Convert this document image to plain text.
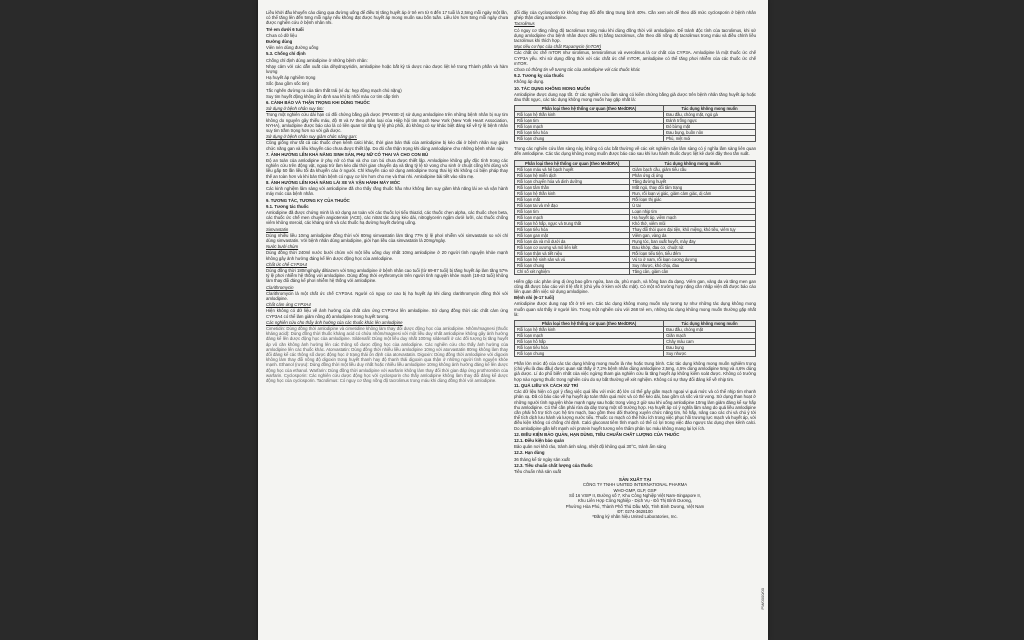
Liều khởi đầu khuyến cáo dùng qua đường uống để điều trị tăng huyết áp ở trẻ em từ 6 đến 17 tuổi là 2,5mg mỗi ngày một lần, có thể tăng lên đến 5mg mỗi ngày nếu không đạt được huyết áp mong muốn sau bốn tuần. Liều lớn hơn 5mg mỗi ngày chưa được nghiên cứu ở bệnh nhân nhi.

Trẻ em dưới 6 tuổi

Chưa có dữ liệu

Đường dùng

Viên nén dùng đường uống

5.3. Chống chỉ định

Chống chỉ định dùng amlodipine ở những bệnh nhân:

Nhạy cảm với các dẫn xuất của dihydropyridin, amlodipine hoặc bất kỳ tá dược nào được liệt kê trong Thành phần và hàm lượng

Hạ huyết áp nghiêm trọng

Sốc (bao gồm sốc tim)

Tắc nghẽn đường ra của tâm thất trái (ví dụ: hẹp động mạch chủ nặng)

Suy tim huyết động không ổn định sau khi bị nhồi máu cơ tim cấp tính

6. CẢNH BÁO VÀ THẬN TRỌNG KHI DÙNG THUỐC

Sử dụng ở bệnh nhân suy tim:

Trong một nghiên cứu dài hạn có đối chứng bằng giả dược (PRAISE-2) sử dụng amlodipine trên những bệnh nhân bị suy tim không do nguyên gây thiếu máu, độ III và IV theo phân loại của Hiệp hội tim mạch New York (New York Heart Association, NYHA), amlodipine được báo cáo là có liên quan tới tăng tỷ lệ phù phổi, dù không có sự khác biệt đáng kể về tỷ lệ bệnh nhân suy tim trầm trọng hơn so với giả dược.

Sử dụng ở bệnh nhân suy giảm chức năng gan:

Cũng giống như tất cả các thuốc chẹn kênh calci khác, thời gian bán thải của amlodipine bị kéo dài ở bệnh nhân suy giảm chức năng gan và liều khuyến cáo chưa được thiết lập. Do đó cần thận trọng khi dùng amlodipine cho những bệnh nhân này.

7. ẢNH HƯỞNG LÊN KHẢ NĂNG SINH SẢN, PHỤ NỮ CÓ THAI VÀ CHO CON BÚ

Độ an toàn của amlodipine ở phụ nữ có thai và cho con bú chưa được thiết lập. Amlodipine không gây độc tính trong các nghiên cứu trên động vật, ngoại trừ làm kéo dài thời gian chuyển dạ và tăng tỷ lệ tử vong chu sinh ở chuột cống khi dùng với liều gấp 50 lần liều tối đa khuyến cáo ở người. Chỉ khuyến cáo sử dụng amlodipine trong thai kỳ khi không có biện pháp thay thế an toàn hơn và khi bản thân bệnh có nguy cơ lớn hơn cho mẹ và thai nhi. Amlodipine bài tiết vào sữa mẹ.

8. ẢNH HƯỞNG LÊN KHẢ NĂNG LÁI XE VÀ VẬN HÀNH MÁY MÓC

Các kinh nghiệm lâm sàng với amlodipine đã cho thấy rằng thuốc hầu như không làm suy giảm khả năng lái xe và vận hành máy móc của bệnh nhân.

9. TƯƠNG TÁC, TƯƠNG KỴ CỦA THUỐC

9.1. Tương tác thuốc

Amlodipine đã được chứng minh là sử dụng an toàn với các thuốc lợi tiểu thiazid, các thuốc chẹn alpha, các thuốc chẹn beta, các thuốc ức chế men chuyển angiotensin (ACE), các nitrat tác dụng kéo dài, nitroglycerin ngậm dưới lưỡi, các thuốc chống viêm không steroid, các kháng sinh và các thuốc hạ đường huyết đường uống.

Simvastatin

Dùng nhiều liều 10mg amlodipine đồng thời với 80mg simvastatin làm tăng 77% tỷ lệ phơi nhiễm với simvastatin so với chỉ dùng simvastatin. Với bệnh nhân dùng amlodipine, giới hạn liều của simvastatin là 20mg/ngày.

Nước bưởi chùm

Dùng đồng thời 240ml nước bưởi chùm với một liều uống duy nhất 10mg amlodipine ở 20 người tình nguyện khỏe mạnh không gây ảnh hưởng đáng kể lên dược động học của amlodipine.

Chất ức chế CYP3A4

Dùng đồng thời 180mg/ngày diltiazem với 5mg amlodipine ở bệnh nhân cao tuổi (từ 69-87 tuổi) bị tăng huyết áp làm tăng 57% tỷ lệ phơi nhiễm hệ thống với amlodipine. Dùng đồng thời erythromycin trên người tình nguyện khỏe mạnh (18-43 tuổi) không làm thay đổi đáng kể phơi nhiễm hệ thống với amlodipine.

Clarithromycin

Clarithromycin là một chất ức chế CYP3A4. Người có nguy cơ cao bị hạ huyết áp khi dùng clarithromycin đồng thời với amlodipine.

Chất cảm ứng CYP3A4

Hiện không có dữ liệu về ảnh hưởng của chất cảm ứng CYP3A4 lên amlodipine. Sử dụng đồng thời các chất cảm ứng CYP3A4 có thể làm giảm nồng độ amlodipine trong huyết tương.

Các nghiên cứu cho thấy ảnh hưởng của các thuốc khác lên amlodipine

Cimetidin: Dùng đồng thời amlodipine và cimetidine không làm thay đổi dược động học của amlodipine. Nhôm/magnesi (thuốc kháng acid): Dùng đồng thời thuốc kháng acid có chứa nhôm/magnesi với một liều duy nhất amlodipine không gây ảnh hưởng đáng kể lên dược động học của amlodipine. Sildenafil: Dùng một liều duy nhất 100mg sildenafil ở các đối tượng bị tăng huyết áp vô căn không ảnh hưởng lên các thông số dược động học của amlodipine. Các nghiên cứu cho thấy ảnh hưởng của amlodipine lên các thuốc khác. Atorvastatin: Dùng đồng thời nhiều liều amlodipine 10mg với atorvastatin 80mg không làm thay đổi đáng kể các thông số dược động học ở trạng thái ổn định của atorvastatin. Digoxin: Dùng đồng thời amlodipine với digoxin không làm thay đổi nồng độ digoxin trong huyết thanh hay độ thanh thải digoxin qua thận ở những người tình nguyện khỏe mạnh. Ethanol (rượu): Dùng đồng thời một liều duy nhất hoặc nhiều liều amlodipine 10mg không ảnh hưởng đáng kể lên dược động học của ethanol. Warfarin: Dùng đồng thời amlodipine với warfarin không làm thay đổi thời gian đáp ứng prothrombin của warfarin. Cyclosporin: Các nghiên cứu dược động học với cyclosporin cho thấy amlodipine không làm thay đổi đáng kể dược động học của cyclosporin. Tacrolimus: Có nguy cơ tăng nồng độ tacrolimus trong máu khi dùng đồng thời với amlodipine.

đổi đáy của cyclosporin từ không thay đổi đến tăng trung bình 40%. Cần xem xét để theo dõi mức cyclosporin ở bệnh nhân ghép thận dùng amlodipine.

Tacrolimus

Có nguy cơ tăng nồng độ tacrolimus trong máu khi dùng đồng thời với amlodipine. Để tránh độc tính của tacrolimus, khi sử dụng amlodipine cho bệnh nhân được điều trị bằng tacrolimus, cần theo dõi nồng độ tacrolimus trong máu và điều chỉnh liều tacrolimus khi thích hợp.

Mục tiêu cơ học của chất Rapamycin (mTOR)

Các chất ức chế mTOR như sirolimus, temsirolimus và everolimus là cơ chất của CYP3A. Amlodipine là một thuốc ức chế CYP3A yếu. Khi sử dụng đồng thời với các chất ức chế mTOR, amlodipine có thể tăng phơi nhiễm của các thuốc ức chế mTOR.

Chưa có thông tin về tương tác của amlodipine với các thuốc khác

9.2. Tương kỵ của thuốc

Không áp dụng.

10. TÁC DỤNG KHÔNG MONG MUỐN

Amlodipine được dung nạp tốt. Ở các nghiên cứu lâm sàng có kiểm chứng bằng giả dược trên bệnh nhân tăng huyết áp hoặc đau thắt ngực, các tác dụng không mong muốn hay gặp nhất là:

Phân loại theo hệ thống cơ quan (theo MedDRA)	Tác dụng không mong muốn
Rối loạn hệ thần kinh	Đau đầu, chóng mặt, ngủ gà
Rối loạn tim	Đánh trống ngực
Rối loạn mạch	Đỏ bừng mặt
Rối loạn tiêu hóa	Đau bụng, buồn nôn
Rối loạn chung	Phù, mệt mỏi

Trong các nghiên cứu lâm sàng này, không có các bất thường về các xét nghiệm cận lâm sàng có ý nghĩa lâm sàng liên quan đến amlodipine. Các tác dụng không mong muốn được báo cáo sau khi lưu hành thuốc được liệt kê dưới đây theo tần suất.

Phân loại theo hệ thống cơ quan (theo MedDRA)	Tác dụng không mong muốn
Rối loạn máu và hệ bạch huyết	Giảm bạch cầu, giảm tiểu cầu
Rối loạn hệ miễn dịch	Phản ứng dị ứng
Rối loạn chuyển hóa và dinh dưỡng	Tăng đường huyết
Rối loạn tâm thần	Mất ngủ, thay đổi tâm trạng
Rối loạn hệ thần kinh	Run, rối loạn vị giác, giảm cảm giác, dị cảm
Rối loạn mắt	Rối loạn thị giác
Rối loạn tai và mê đạo	Ù tai
Rối loạn tim	Loạn nhịp tim
Rối loạn mạch	Hạ huyết áp, viêm mạch
Rối loạn hô hấp, ngực và trung thất	Khó thở, viêm mũi
Rối loạn tiêu hóa	Thay đổi thói quen đại tiện, khô miệng, khó tiêu, viêm tụy
Rối loạn gan mật	Viêm gan, vàng da
Rối loạn da và mô dưới da	Rụng tóc, ban xuất huyết, mày đay
Rối loạn cơ xương và mô liên kết	Đau khớp, đau cơ, chuột rút
Rối loạn thận và tiết niệu	Rối loạn tiểu tiện, tiểu đêm
Rối loạn hệ sinh sản và vú	Vú to ở nam, rối loạn cương dương
Rối loạn chung	Suy nhược, khó chịu, đau
Chỉ số xét nghiệm	Tăng cân, giảm cân

Hiếm gặp các phản ứng dị ứng bao gồm ngứa, ban da, phù mạch, và hồng ban đa dạng. Viêm gan, vàng da và tăng men gan cũng đã được báo cáo với tỉ lệ rất ít (chủ yếu ở kèm với tắc mật). Có một số trường hợp nặng cần nhập viện đã được báo cáo liên quan đến việc sử dụng amlodipine.

Bệnh nhi (6-17 tuổi)

Amlodipine được dung nạp tốt ở trẻ em. Các tác dụng không mong muốn này tương tự như những tác dụng không mong muốn quan sát thấy ở người lớn. Trong một nghiên cứu với 268 trẻ em, những tác dụng không mong muốn thường gặp nhất là:

Phân loại theo hệ thống cơ quan (theo MedDRA)	Tác dụng không mong muốn
Rối loạn hệ thần kinh	Đau đầu, chóng mặt
Rối loạn mạch	Giãn mạch
Rối loạn hô hấp	Chảy máu cam
Rối loạn tiêu hóa	Đau bụng
Rối loạn chung	Suy nhược

Phần lớn mức độ của các tác dụng không mong muốn là nhẹ hoặc trung bình. Các tác dụng không mong muốn nghiêm trọng (chủ yếu là đau đầu) được quan sát thấy ở 7,2% bệnh nhân dùng amlodipine 2,5mg, 4,5% dùng amlodipine 5mg và 4,6% dùng giả dược. Lí do phổ biến nhất của việc ngừng tham gia nghiên cứu là tăng huyết áp không kiểm soát được. Không có trường hợp nào ngưng thuốc trong nghiên cứu do sự bất thường về xét nghiệm. Không có sự thay đổi đáng kể về nhịp tim.

11. QUÁ LIỀU VÀ CÁCH XỬ TRÍ

Các dữ liệu hiện có gợi ý rằng việc quá liều với mức độ lớn có thể gây giãn mạch ngoại vi quá mức và có thể nhịp tim nhanh phản xạ. Đã có báo cáo về hạ huyết áp toàn thân quá mức và có thể kéo dài, bao gồm cả sốc và tử vong. Sử dụng than hoạt ở những người tình nguyện khỏe mạnh ngay sau hoặc trong vòng 2 giờ sau khi uống amlodipine 10mg làm giảm đáng kể sự hấp thu amlodipine. Có thể cần phải rửa dạ dày trong một số trường hợp. Hạ huyết áp có ý nghĩa lâm sàng do quá liều amlodipine cần phải hỗ trợ tích cực hệ tim mạch, bao gồm theo dõi thường xuyên chức năng tim, hô hấp, nâng cao các chi và chú ý tới thể tích dịch lưu hành và lượng nước tiểu. Thuốc co mạch có thể hữu ích trong việc phục hồi trương lực mạch và huyết áp, với điều kiện không có chống chỉ định. Calci gluconat tiêm tĩnh mạch có thể có lợi trong việc đảo ngược tác dụng chẹn kênh calci. Do amlodipine gắn kết mạnh với protein huyết tương nên thẩm phân lọc máu không mang lại lợi ích.

12. ĐIỀU KIỆN BẢO QUẢN, HẠN DÙNG, TIÊU CHUẨN CHẤT LƯỢNG CỦA THUỐC

12.1. Điều kiện bảo quản

Bảo quản nơi khô ráo, tránh ánh sáng, nhiệt độ không quá 30°C, tránh ẩm sáng

12.2. Hạn dùng

36 tháng kể từ ngày sản xuất

12.3. Tiêu chuẩn chất lượng của thuốc

Tiêu chuẩn nhà sản xuất

SẢN XUẤT TẠI
CÔNG TY TNHH UNITED INTERNATIONAL PHARMA
WHO-GMP, GLP, GSP
Số 16 VSIP II, Đường số 7, Khu Công Nghiệp Việt Nam-Singapore II,
Khu Liên Hợp Công Nghiệp - Dịch Vụ - Đô Thị Bình Dương,
Phường Hòa Phú, Thành Phố Thủ Dầu Một, Tỉnh Bình Dương, Việt Nam
ĐT: 0274-3628100
*Đăng ký nhãn hiệu United Laboratories, Inc.
PM/0000/00
